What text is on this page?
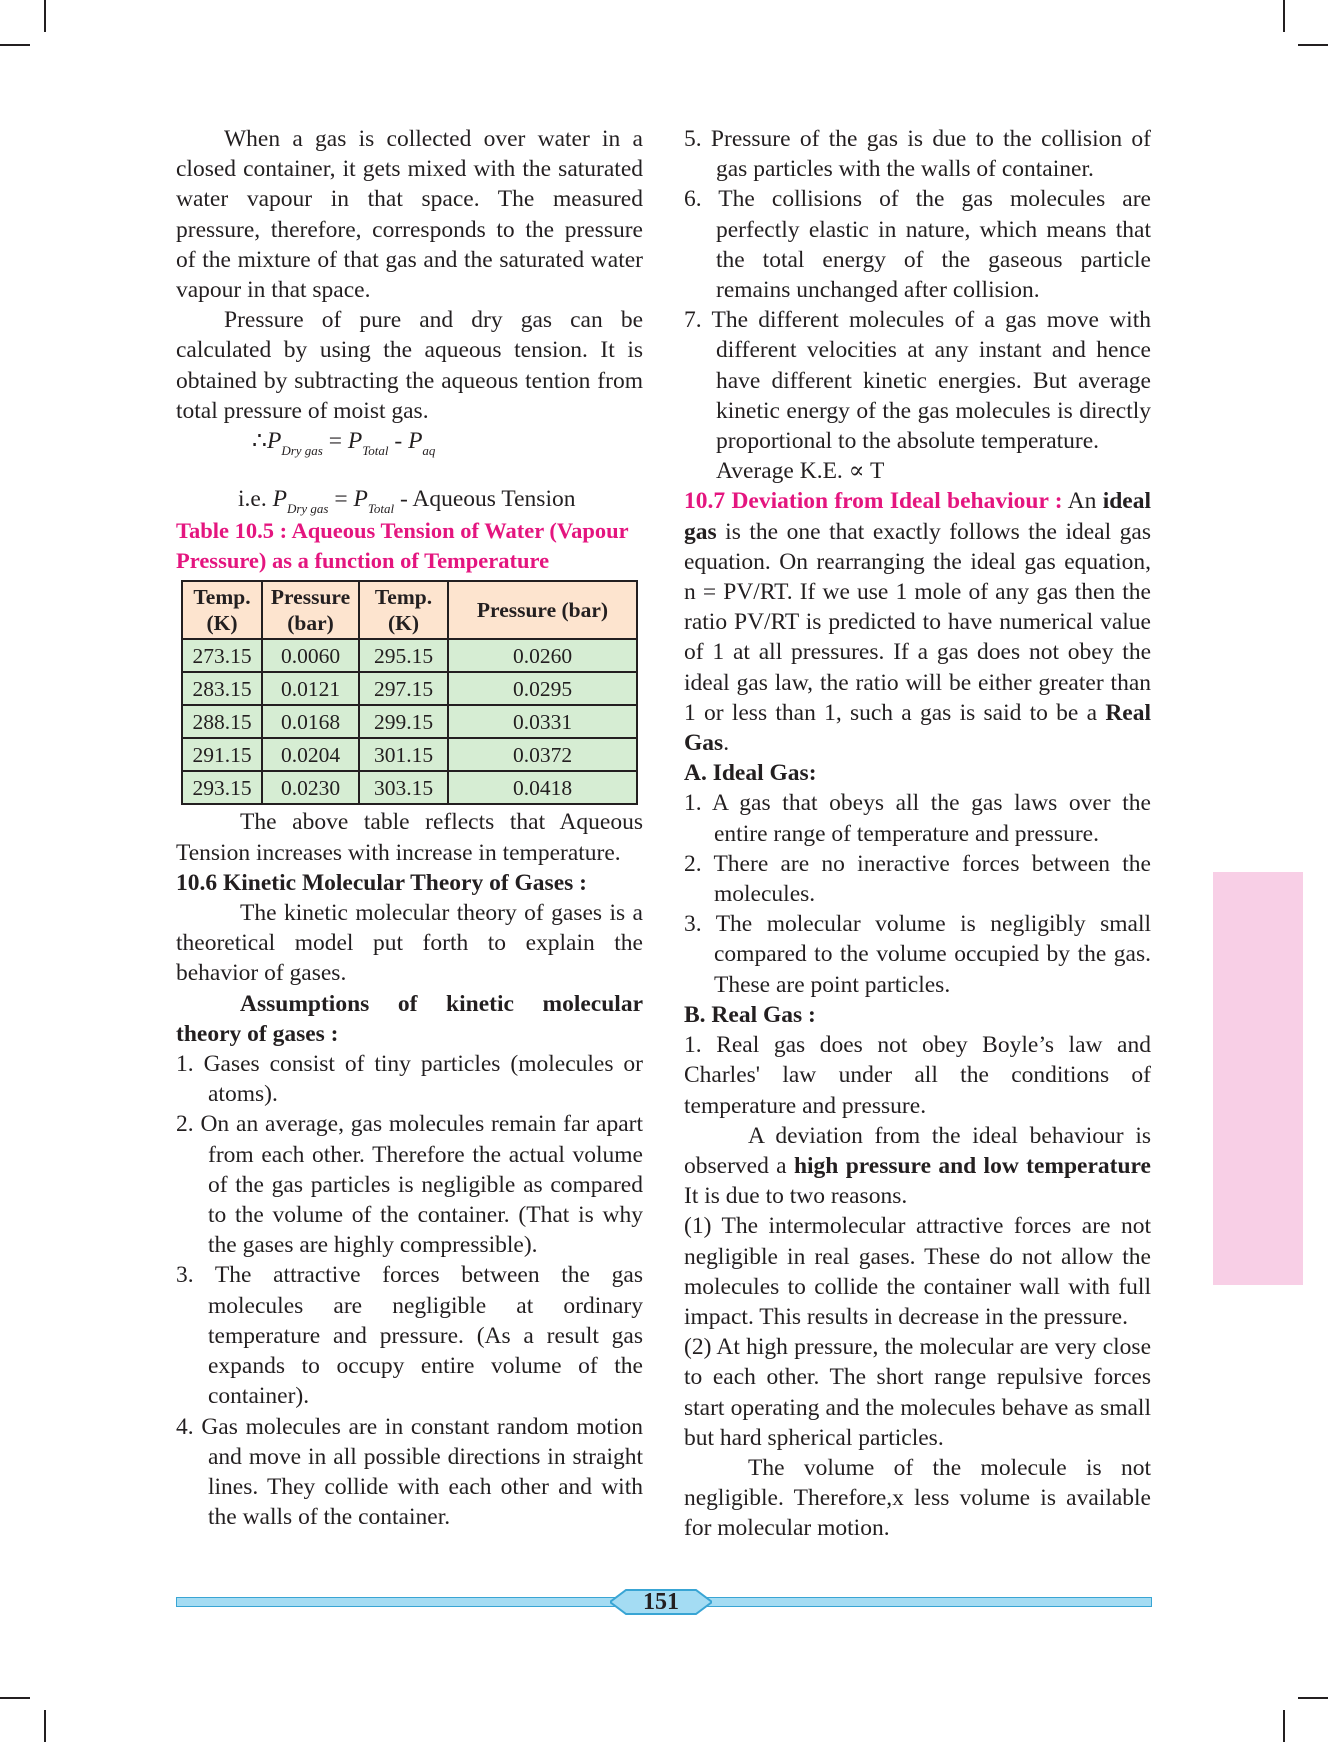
When a gas is collected over water in a closed container, it gets mixed with the saturated water vapour in that space. The measured pressure, therefore, corresponds to the pressure of the mixture of that gas and the saturated water vapour in that space.

Pressure of pure and dry gas can be calculated by using the aqueous tension. It is obtained by subtracting the aqueous tention from total pressure of moist gas.

$\therefore P_{Dry gas} = P_{Total} - P_{aq}$
i.e. $P_{Dry gas} = P_{Total}$ - Aqueous Tension

Table 10.5 : Aqueous Tension of Water (Vapour Pressure) as a function of Temperature

Temp. (K)	Pressure (bar)	Temp. (K)	Pressure (bar)
273.15	0.0060	295.15	0.0260
283.15	0.0121	297.15	0.0295
288.15	0.0168	299.15	0.0331
291.15	0.0204	301.15	0.0372
293.15	0.0230	303.15	0.0418

The above table reflects that Aqueous Tension increases with increase in temperature.

10.6 Kinetic Molecular Theory of Gases :

The kinetic molecular theory of gases is a theoretical model put forth to explain the behavior of gases.

Assumptions of kinetic molecular theory of gases :

1. Gases consist of tiny particles (molecules or atoms).

2. On an average, gas molecules remain far apart from each other. Therefore the actual volume of the gas particles is negligible as compared to the volume of the container. (That is why the gases are highly compressible).

3. The attractive forces between the gas molecules are negligible at ordinary temperature and pressure. (As a result gas expands to occupy entire volume of the container).

4. Gas molecules are in constant random motion and move in all possible directions in straight lines. They collide with each other and with the walls of the container.

5. Pressure of the gas is due to the collision of gas particles with the walls of container.

6. The collisions of the gas molecules are perfectly elastic in nature, which means that the total energy of the gaseous particle remains unchanged after collision.

7. The different molecules of a gas move with different velocities at any instant and hence have different kinetic energies. But average kinetic energy of the gas molecules is directly proportional to the absolute temperature.

Average K.E. ∝ T

10.7 Deviation from Ideal behaviour : An ideal gas is the one that exactly follows the ideal gas equation. On rearranging the ideal gas equation, n = PV/RT. If we use 1 mole of any gas then the ratio PV/RT is predicted to have numerical value of 1 at all pressures. If a gas does not obey the ideal gas law, the ratio will be either greater than 1 or less than 1, such a gas is said to be a Real Gas.

A. Ideal Gas:

1. A gas that obeys all the gas laws over the entire range of temperature and pressure.

2. There are no ineractive forces between the molecules.

3. The molecular volume is negligibly small compared to the volume occupied by the gas. These are point particles.

B. Real Gas :

1. Real gas does not obey Boyle’s law and Charles' law under all the conditions of temperature and pressure.

A deviation from the ideal behaviour is observed a high pressure and low temperature It is due to two reasons.

(1) The intermolecular attractive forces are not negligible in real gases. These do not allow the molecules to collide the container wall with full impact. This results in decrease in the pressure.

(2) At high pressure, the molecular are very close to each other. The short range repulsive forces start operating and the molecules behave as small but hard spherical particles.

The volume of the molecule is not negligible. Therefore,x less volume is available for molecular motion.

151
